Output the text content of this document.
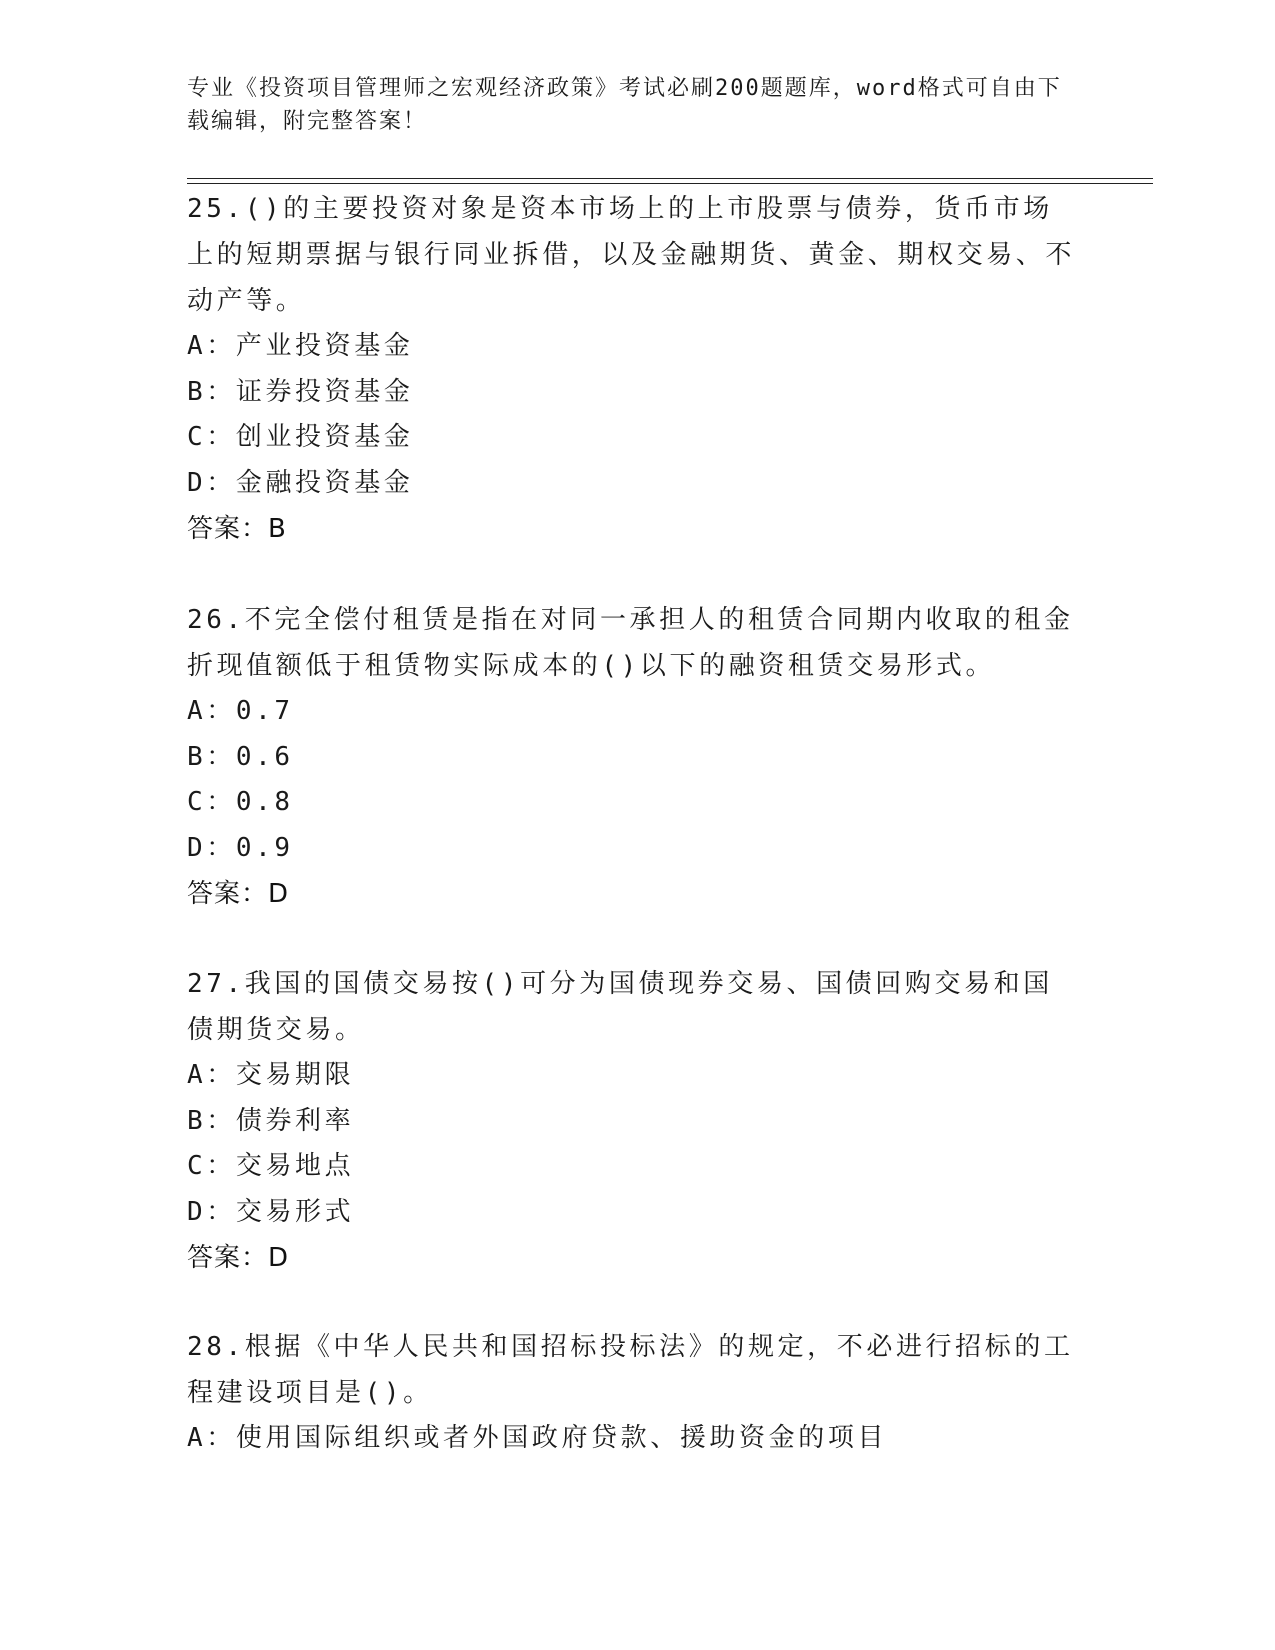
专业《投资项目管理师之宏观经济政策》考试必刷200题题库，word格式可自由下载编辑，附完整答案！

25.()的主要投资对象是资本市场上的上市股票与债券，货币市场上的短期票据与银行同业拆借，以及金融期货、黄金、期权交易、不动产等。

A：产业投资基金

B：证券投资基金

C：创业投资基金

D：金融投资基金

答案：B

26.不完全偿付租赁是指在对同一承担人的租赁合同期内收取的租金折现值额低于租赁物实际成本的()以下的融资租赁交易形式。

A：0.7

B：0.6

C：0.8

D：0.9

答案：D

27.我国的国债交易按()可分为国债现券交易、国债回购交易和国债期货交易。

A：交易期限

B：债券利率

C：交易地点

D：交易形式

答案：D

28.根据《中华人民共和国招标投标法》的规定，不必进行招标的工程建设项目是()。

A：使用国际组织或者外国政府贷款、援助资金的项目
